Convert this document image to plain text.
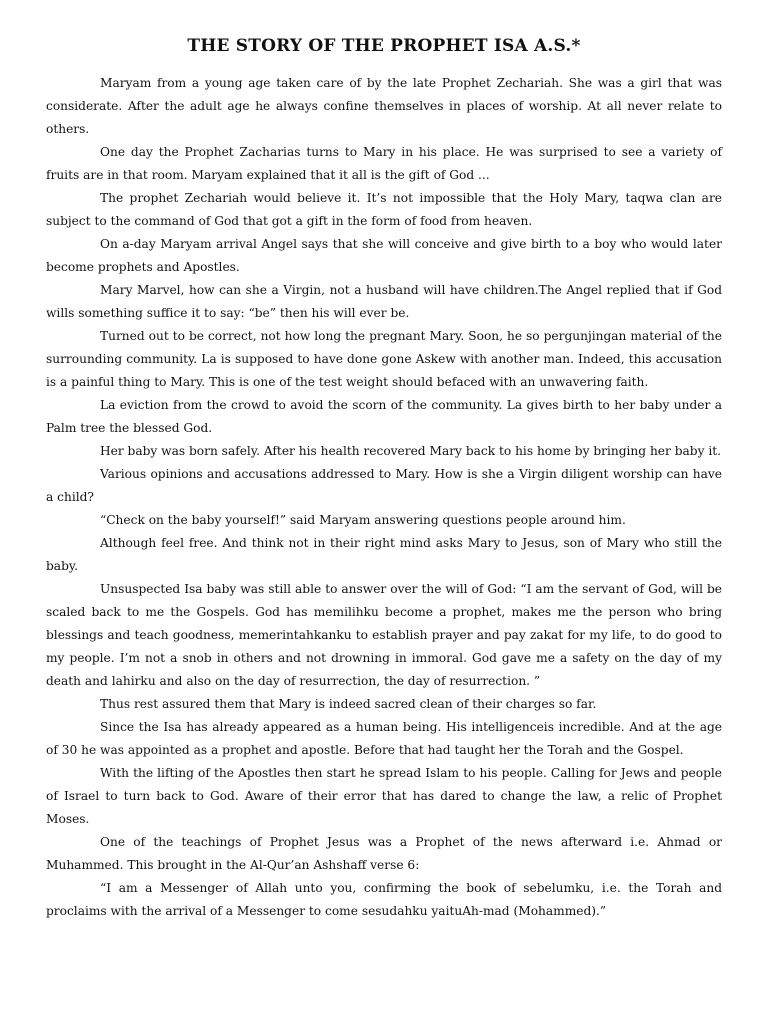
THE STORY OF THE PROPHET ISA A.S.*

Maryam from a young age taken care of by the late Prophet Zechariah. She was a girl that was considerate. After the adult age he always confine themselves in places of worship. At all never relate to others.

One day the Prophet Zacharias turns to Mary in his place. He was surprised to see a variety of fruits are in that room. Maryam explained that it all is the gift of God ...

The prophet Zechariah would believe it. It’s not impossible that the Holy Mary, taqwa clan are subject to the command of God that got a gift in the form of food from heaven.

On a-day Maryam arrival Angel says that she will conceive and give birth to a boy who would later become prophets and Apostles.

Mary Marvel, how can she a Virgin, not a husband will have children.The Angel replied that if God wills something suffice it to say: “be” then his will ever be.

Turned out to be correct, not how long the pregnant Mary. Soon, he so pergunjingan material of the surrounding community. La is supposed to have done gone Askew with another man. Indeed, this accusation is a painful thing to Mary. This is one of the test weight should befaced with an unwavering faith.

La eviction from the crowd to avoid the scorn of the community. La gives birth to her baby under a Palm tree the blessed God.

Her baby was born safely. After his health recovered Mary back to his home by bringing her baby it.

Various opinions and accusations addressed to Mary. How is she a Virgin diligent worship can have a child?

“Check on the baby yourself!” said Maryam answering questions people around him.

Although feel free. And think not in their right mind asks Mary to Jesus, son of Mary who still the baby.

Unsuspected Isa baby was still able to answer over the will of God: “I am the servant of God, will be scaled back to me the Gospels. God has memilihku become a prophet, makes me the person who bring blessings and teach goodness, memerintahkanku to establish prayer and pay zakat for my life, to do good to my people. I’m not a snob in others and not drowning in immoral. God gave me a safety on the day of my death and lahirku and also on the day of resurrection, the day of resurrection. ”

Thus rest assured them that Mary is indeed sacred clean of their charges so far.

Since the Isa has already appeared as a human being. His intelligenceis incredible. And at the age of 30 he was appointed as a prophet and apostle. Before that had taught her the Torah and the Gospel.

With the lifting of the Apostles then start he spread Islam to his people. Calling for Jews and people of Israel to turn back to God. Aware of their error that has dared to change the law, a relic of Prophet Moses.

One of the teachings of Prophet Jesus was a Prophet of the news afterward i.e. Ahmad or Muhammed. This brought in the Al-Qur’an Ashshaff verse 6:

“I am a Messenger of Allah unto you, confirming the book of sebelumku, i.e. the Torah and proclaims with the arrival of a Messenger to come sesudahku yaituAh-mad (Mohammed).”
